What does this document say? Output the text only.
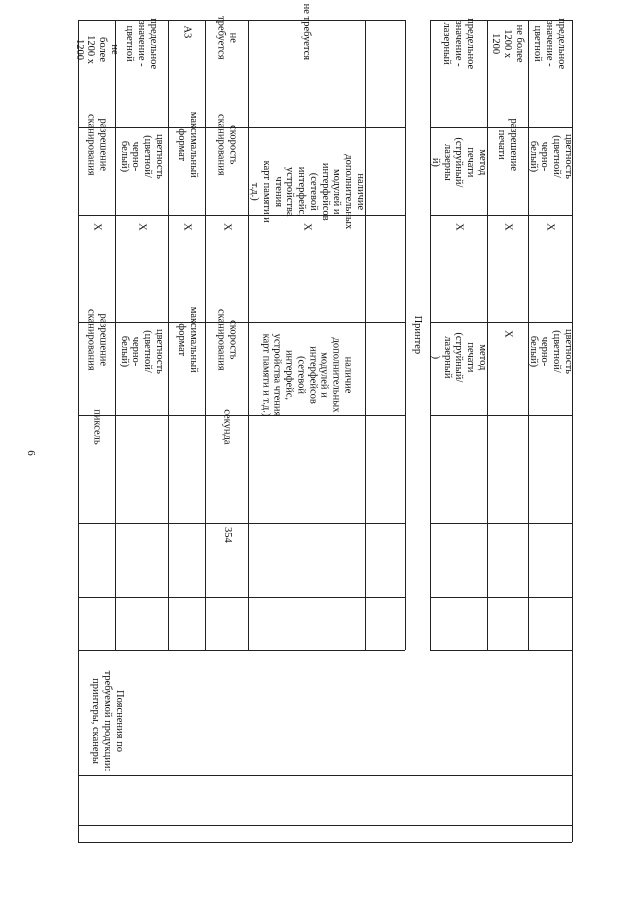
6
не более 1200 х
1200
разрешение
сканирования
Х
разрешение
сканирования
пиксель
предельное
значение -
цветной
цветность
(цветной/черно-
белый)
Х
цветность
(цветной/черно-
белый)
А3
максимальный
формат
Х
максимальный
формат
не требуется
скорость
сканирования
Х
скорость
сканирования
секунда
354
не требуется
наличие
дополнительных
модулей и
интерфейсов
(сетевой
интерфейс,
устройства чтения
карт памяти и т.д.)
Х
наличие
дополнительных
модулей и
интерфейсов
(сетевой интерфейс,
устройства чтения
карт памяти и т.д.)
предельное
значение -
лазерный
метод печати
(струйный/лазерны
й)
Х
метод печати
(струйный/лазерный
)
не более 1200 х
1200
разрешение печати
Х
Х
предельное
значение -
цветной
цветность
(цветной/черно-
белый)
Х
цветность
(цветной/черно-
белый)
Принтер
Пояснения по
требуемой продукции:
принтеры, сканеры
